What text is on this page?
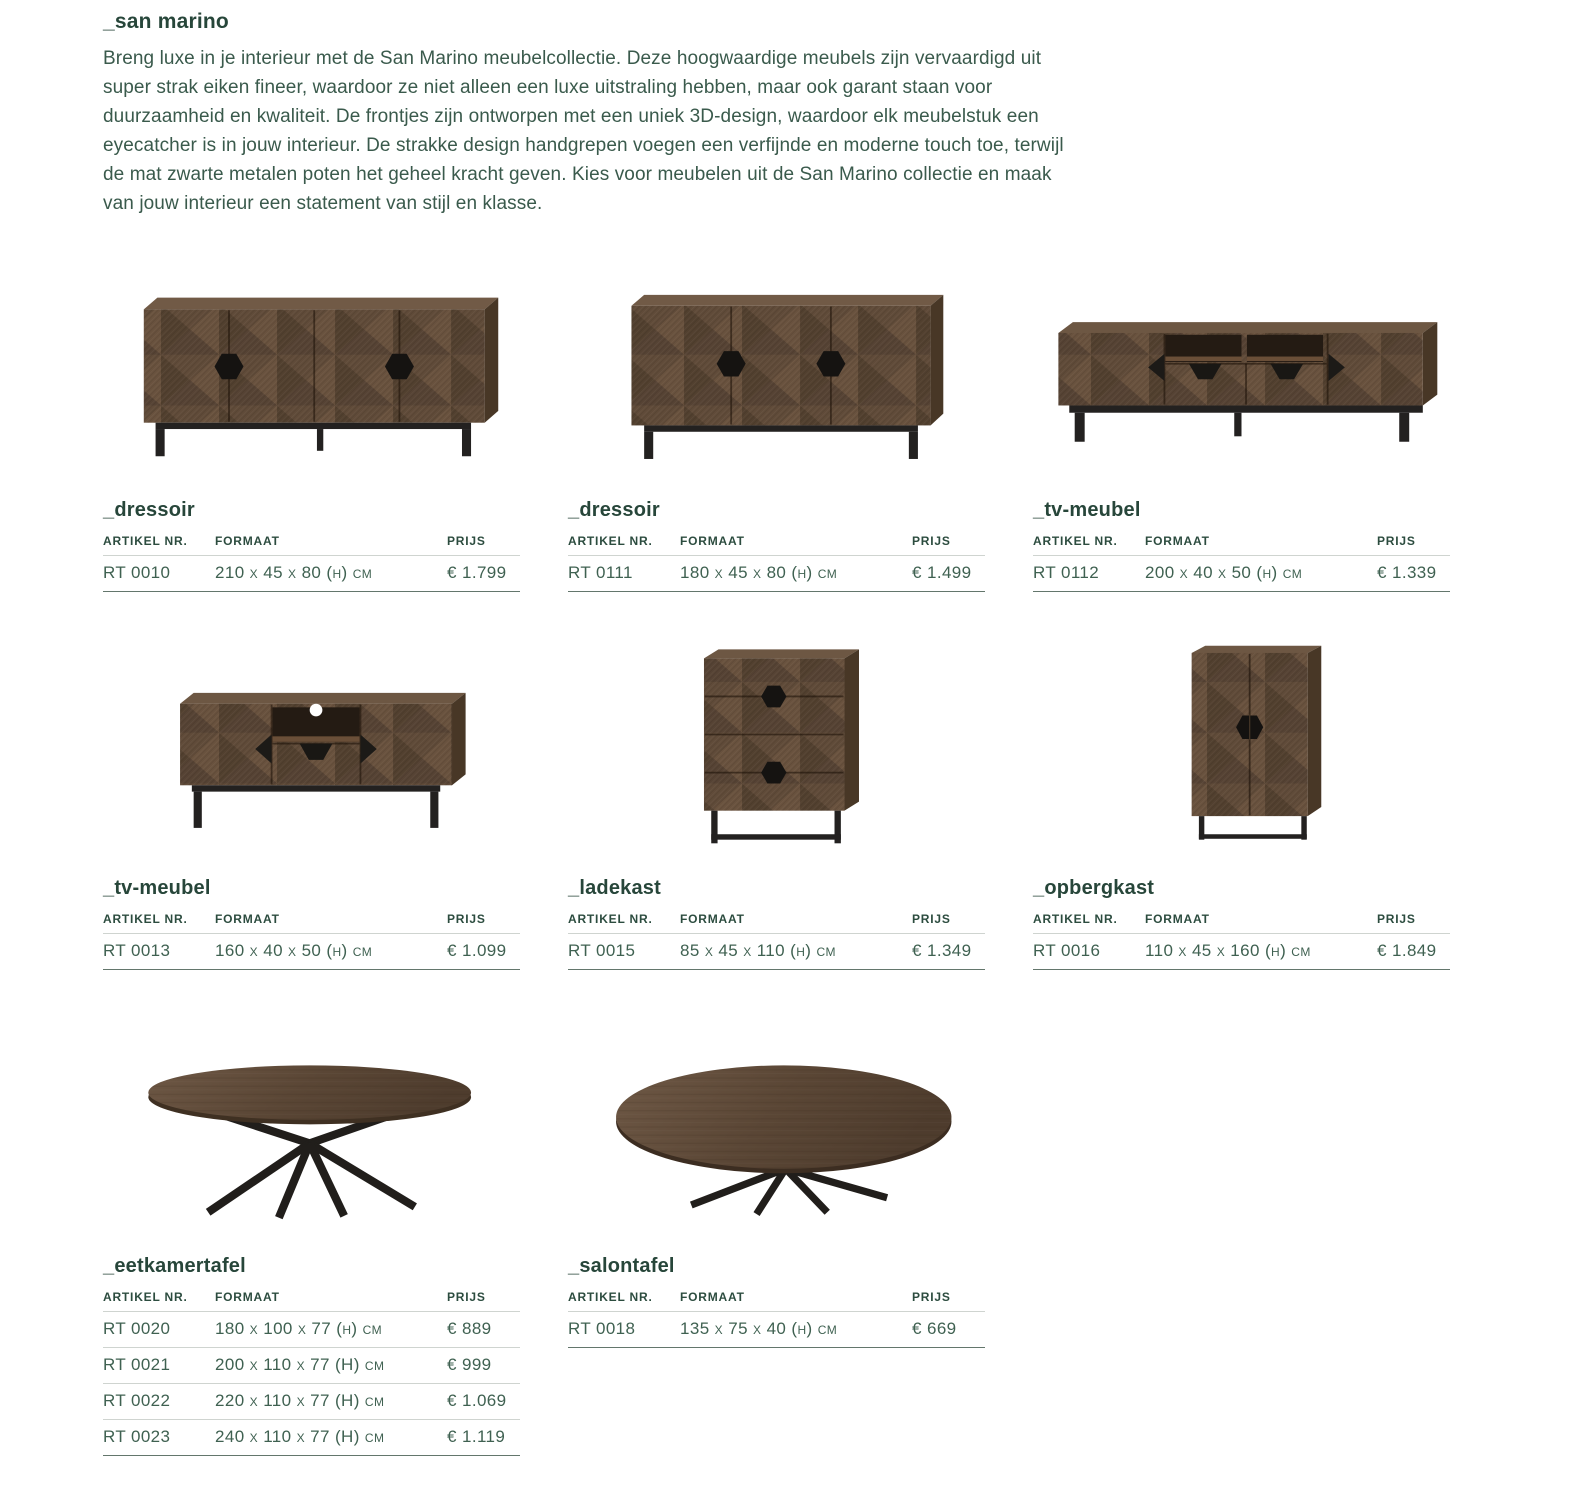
_san marino

Breng luxe in je interieur met de San Marino meubelcollectie. Deze hoogwaardige meubels zijn vervaardigd uit super strak eiken fineer, waardoor ze niet alleen een luxe uitstraling hebben, maar ook garant staan voor duurzaamheid en kwaliteit. De frontjes zijn ontworpen met een uniek 3D-design, waardoor elk meubelstuk een eyecatcher is in jouw interieur. De strakke design handgrepen voegen een verfijnde en moderne touch toe, terwijl de mat zwarte metalen poten het geheel kracht geven. Kies voor meubelen uit de San Marino collectie en maak van jouw interieur een statement van stijl en klasse.

_dressoir
ARTIKEL NR.	FORMAAT	PRIJS
RT 0010	210 x 45 x 80 (h) cm	€ 1.799
_dressoir
ARTIKEL NR.	FORMAAT	PRIJS
RT 0111	180 x 45 x 80 (h) cm	€ 1.499
_tv-meubel
ARTIKEL NR.	FORMAAT	PRIJS
RT 0112	200 x 40 x 50 (h) cm	€ 1.339
_tv-meubel
ARTIKEL NR.	FORMAAT	PRIJS
RT 0013	160 x 40 x 50 (h) cm	€ 1.099
_ladekast
ARTIKEL NR.	FORMAAT	PRIJS
RT 0015	85 x 45 x 110 (h) cm	€ 1.349
_opbergkast
ARTIKEL NR.	FORMAAT	PRIJS
RT 0016	110 x 45 x 160 (h) cm	€ 1.849
_eetkamertafel
ARTIKEL NR.	FORMAAT	PRIJS
RT 0020	180 x 100 x 77 (h) cm	€ 889
RT 0021	200 x 110 x 77 (H) cm	€ 999
RT 0022	220 x 110 x 77 (H) cm	€ 1.069
RT 0023	240 x 110 x 77 (H) cm	€ 1.119
_salontafel
ARTIKEL NR.	FORMAAT	PRIJS
RT 0018	135 x 75 x 40 (h) cm	€ 669
